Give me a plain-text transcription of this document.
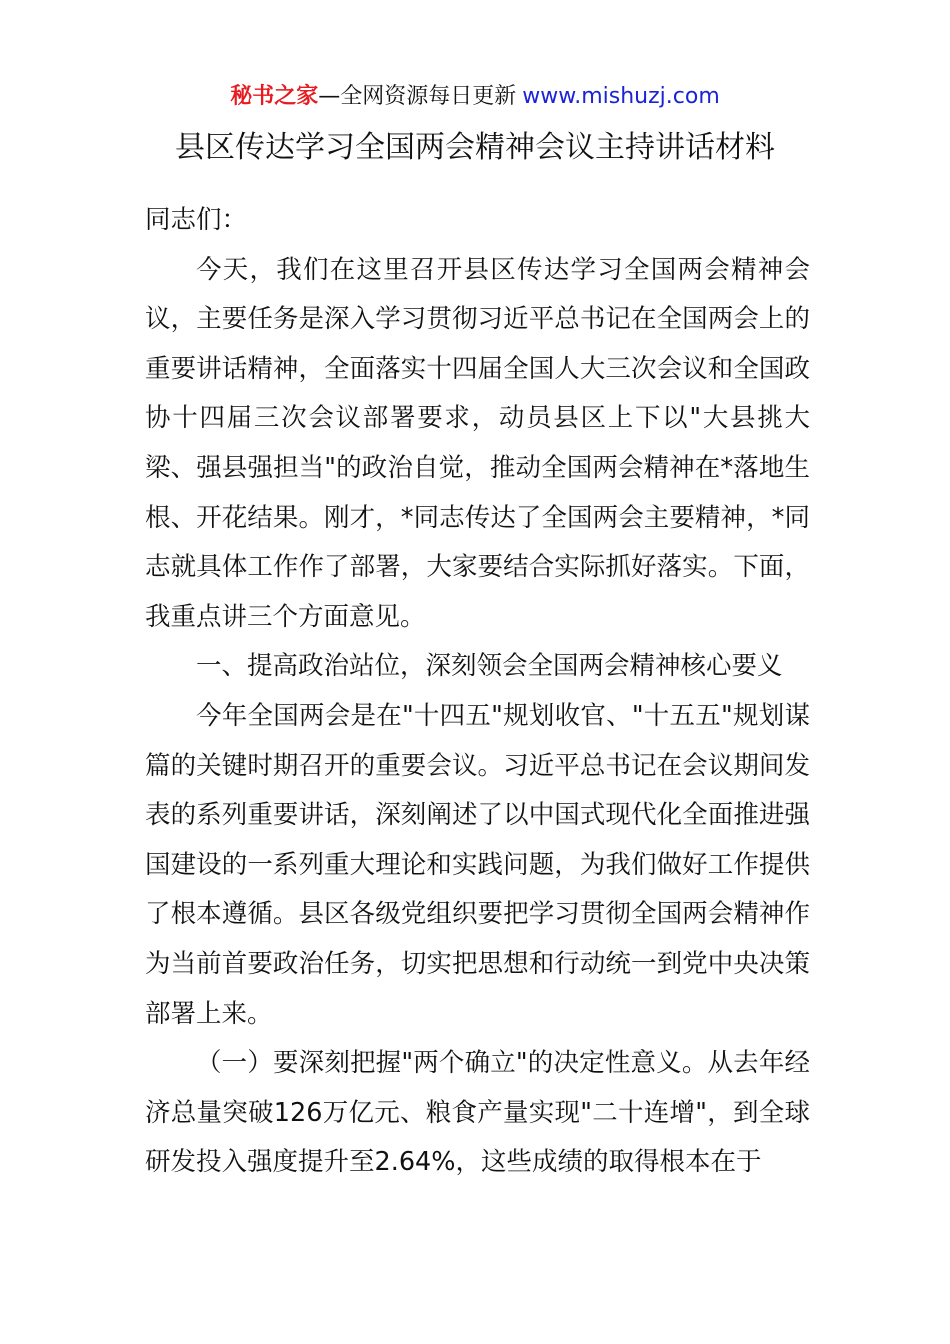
秘书之家—全网资源每日更新 www.mishuzj.com
县区传达学习全国两会精神会议主持讲话材料

同志们：

今天，我们在这里召开县区传达学习全国两会精神会议，主要任务是深入学习贯彻习近平总书记在全国两会上的重要讲话精神，全面落实十四届全国人大三次会议和全国政协十四届三次会议部署要求，动员县区上下以"大县挑大梁、强县强担当"的政治自觉，推动全国两会精神在*落地生根、开花结果。刚才，*同志传达了全国两会主要精神，*同志就具体工作作了部署，大家要结合实际抓好落实。下面，我重点讲三个方面意见。

一、提高政治站位，深刻领会全国两会精神核心要义

今年全国两会是在"十四五"规划收官、"十五五"规划谋篇的关键时期召开的重要会议。习近平总书记在会议期间发表的系列重要讲话，深刻阐述了以中国式现代化全面推进强国建设的一系列重大理论和实践问题，为我们做好工作提供了根本遵循。县区各级党组织要把学习贯彻全国两会精神作为当前首要政治任务，切实把思想和行动统一到党中央决策部署上来。

（一）要深刻把握"两个确立"的决定性意义。从去年经济总量突破126万亿元、粮食产量实现"二十连增"，到全球研发投入强度提升至2.64%，这些成绩的取得根本在于
